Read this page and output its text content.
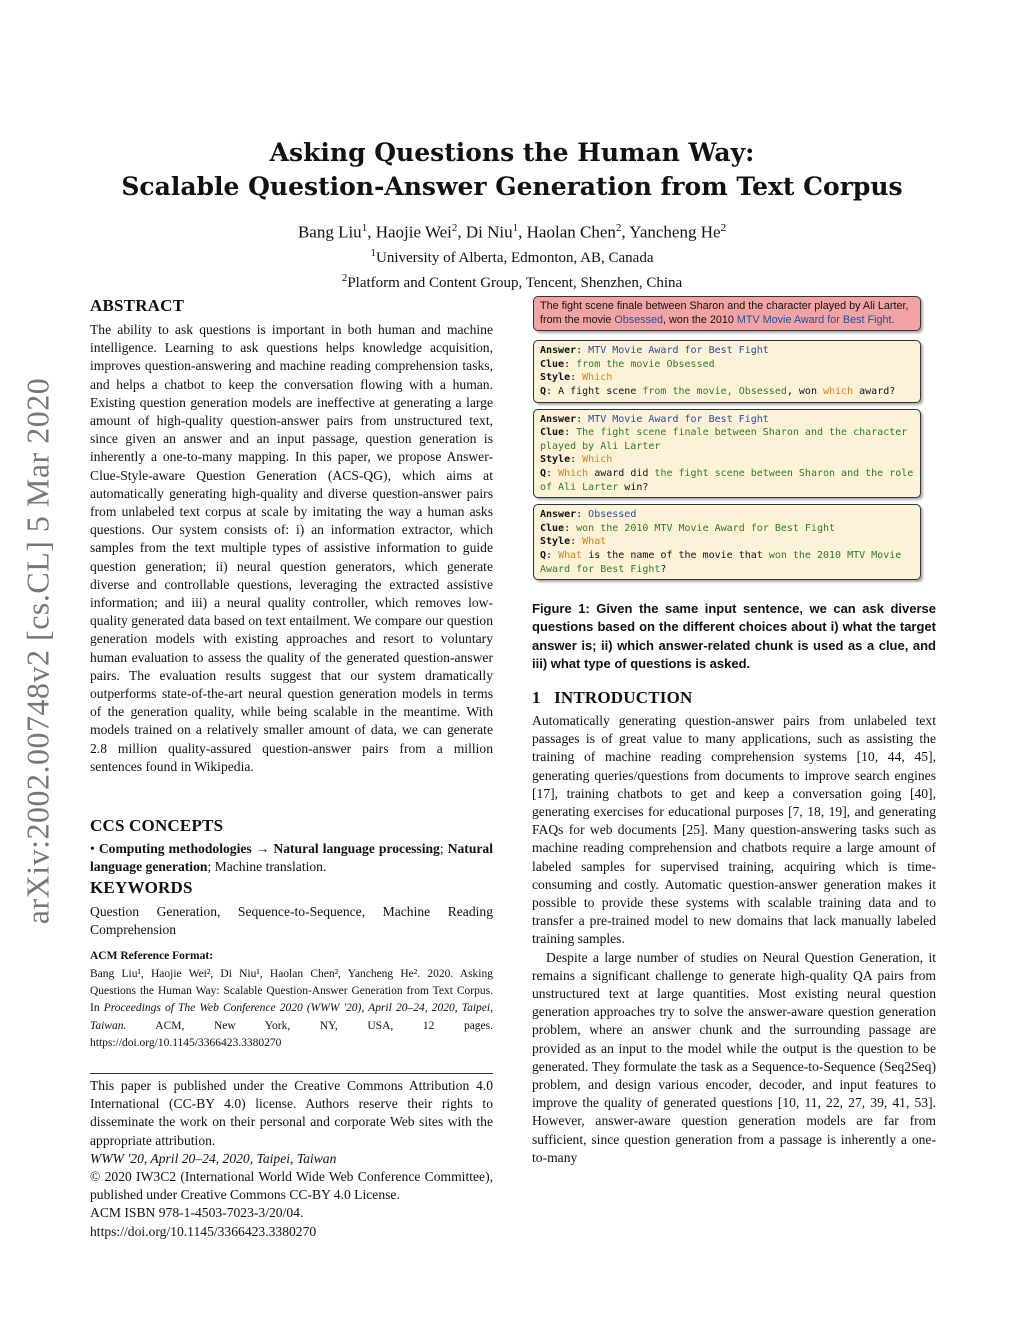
Asking Questions the Human Way:
Scalable Question-Answer Generation from Text Corpus
Bang Liu$^1$, Haojie Wei$^2$, Di Niu$^1$, Haolan Chen$^2$, Yancheng He$^2$
$^1$University of Alberta, Edmonton, AB, Canada
$^2$Platform and Content Group, Tencent, Shenzhen, China
arXiv:2002.00748v2 [cs.CL] 5 Mar 2020
ABSTRACT

The ability to ask questions is important in both human and machine intelligence. Learning to ask questions helps knowledge acquisition, improves question-answering and machine reading comprehension tasks, and helps a chatbot to keep the conversation flowing with a human. Existing question generation models are ineffective at generating a large amount of high-quality question-answer pairs from unstructured text, since given an answer and an input passage, question generation is inherently a one-to-many mapping. In this paper, we propose Answer-Clue-Style-aware Question Generation (ACS-QG), which aims at automatically generating high-quality and diverse question-answer pairs from unlabeled text corpus at scale by imitating the way a human asks questions. Our system consists of: i) an information extractor, which samples from the text multiple types of assistive information to guide question generation; ii) neural question generators, which generate diverse and controllable questions, leveraging the extracted assistive information; and iii) a neural quality controller, which removes low-quality generated data based on text entailment. We compare our question generation models with existing approaches and resort to voluntary human evaluation to assess the quality of the generated question-answer pairs. The evaluation results suggest that our system dramatically outperforms state-of-the-art neural question generation models in terms of the generation quality, while being scalable in the meantime. With models trained on a relatively smaller amount of data, we can generate 2.8 million quality-assured question-answer pairs from a million sentences found in Wikipedia.

CCS CONCEPTS

• Computing methodologies → Natural language processing; Natural language generation; Machine translation.

KEYWORDS

Question Generation, Sequence-to-Sequence, Machine Reading Comprehension

ACM Reference Format:

Bang Liu¹, Haojie Wei², Di Niu¹, Haolan Chen², Yancheng He². 2020. Asking Questions the Human Way: Scalable Question-Answer Generation from Text Corpus. In Proceedings of The Web Conference 2020 (WWW '20), April 20–24, 2020, Taipei, Taiwan. ACM, New York, NY, USA, 12 pages. https://doi.org/10.1145/3366423.3380270

This paper is published under the Creative Commons Attribution 4.0 International (CC-BY 4.0) license. Authors reserve their rights to disseminate the work on their personal and corporate Web sites with the appropriate attribution.

WWW '20, April 20–24, 2020, Taipei, Taiwan

© 2020 IW3C2 (International World Wide Web Conference Committee), published under Creative Commons CC-BY 4.0 License.

ACM ISBN 978-1-4503-7023-3/20/04.

https://doi.org/10.1145/3366423.3380270

The fight scene finale between Sharon and the character played by Ali Larter, from the movie Obsessed, won the 2010 MTV Movie Award for Best Fight.
Answer: MTV Movie Award for Best Fight
Clue: from the movie Obsessed
Style: Which
Q: A fight scene from the movie, Obsessed, won which award?
Answer: MTV Movie Award for Best Fight
Clue: The fight scene finale between Sharon and the character played by Ali Larter
Style: Which
Q: Which award did the fight scene between Sharon and the role of Ali Larter win?
Answer: Obsessed
Clue: won the 2010 MTV Movie Award for Best Fight
Style: What
Q: What is the name of the movie that won the 2010 MTV Movie Award for Best Fight?

Figure 1: Given the same input sentence, we can ask diverse questions based on the different choices about i) what the target answer is; ii) which answer-related chunk is used as a clue, and iii) what type of questions is asked.

1 INTRODUCTION

Automatically generating question-answer pairs from unlabeled text passages is of great value to many applications, such as assisting the training of machine reading comprehension systems [10, 44, 45], generating queries/questions from documents to improve search engines [17], training chatbots to get and keep a conversation going [40], generating exercises for educational purposes [7, 18, 19], and generating FAQs for web documents [25]. Many question-answering tasks such as machine reading comprehension and chatbots require a large amount of labeled samples for supervised training, acquiring which is time-consuming and costly. Automatic question-answer generation makes it possible to provide these systems with scalable training data and to transfer a pre-trained model to new domains that lack manually labeled training samples.

Despite a large number of studies on Neural Question Generation, it remains a significant challenge to generate high-quality QA pairs from unstructured text at large quantities. Most existing neural question generation approaches try to solve the answer-aware question generation problem, where an answer chunk and the surrounding passage are provided as an input to the model while the output is the question to be generated. They formulate the task as a Sequence-to-Sequence (Seq2Seq) problem, and design various encoder, decoder, and input features to improve the quality of generated questions [10, 11, 22, 27, 39, 41, 53]. However, answer-aware question generation models are far from sufficient, since question generation from a passage is inherently a one-to-many
